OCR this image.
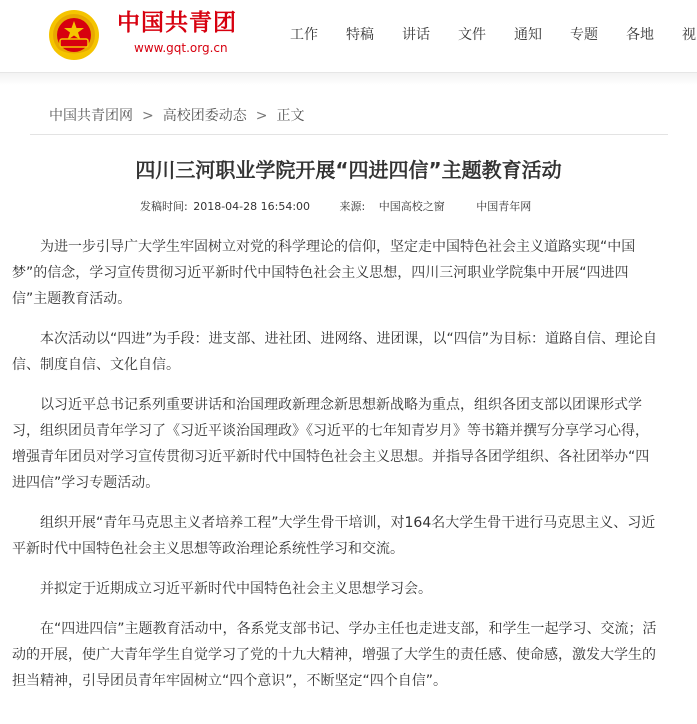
中国共青团
www.gqt.org.cn
工作 特稿 讲话 文件 通知 专题 各地 视
中国共青团网 > 高校团委动态 > 正文
四川三河职业学院开展“四进四信”主题教育活动
发稿时间: 2018-04-28 16:54:00	来源: 中国高校之窗	中国青年网

为进一步引导广大学生牢固树立对党的科学理论的信仰，坚定走中国特色社会主义道路实现“中国梦”的信念，学习宣传贯彻习近平新时代中国特色社会主义思想，四川三河职业学院集中开展“四进四信”主题教育活动。

本次活动以“四进”为手段：进支部、进社团、进网络、进团课，以“四信”为目标：道路自信、理论自信、制度自信、文化自信。

以习近平总书记系列重要讲话和治国理政新理念新思想新战略为重点，组织各团支部以团课形式学习，组织团员青年学习了《习近平谈治国理政》《习近平的七年知青岁月》等书籍并撰写分享学习心得，增强青年团员对学习宣传贯彻习近平新时代中国特色社会主义思想。并指导各团学组织、各社团举办“四进四信”学习专题活动。

组织开展“青年马克思主义者培养工程”大学生骨干培训，对164名大学生骨干进行马克思主义、习近平新时代中国特色社会主义思想等政治理论系统性学习和交流。

并拟定于近期成立习近平新时代中国特色社会主义思想学习会。

在“四进四信”主题教育活动中，各系党支部书记、学办主任也走进支部，和学生一起学习、交流；活动的开展，使广大青年学生自觉学习了党的十九大精神，增强了大学生的责任感、使命感，激发大学生的担当精神，引导团员青年牢固树立“四个意识”，不断坚定“四个自信”。
